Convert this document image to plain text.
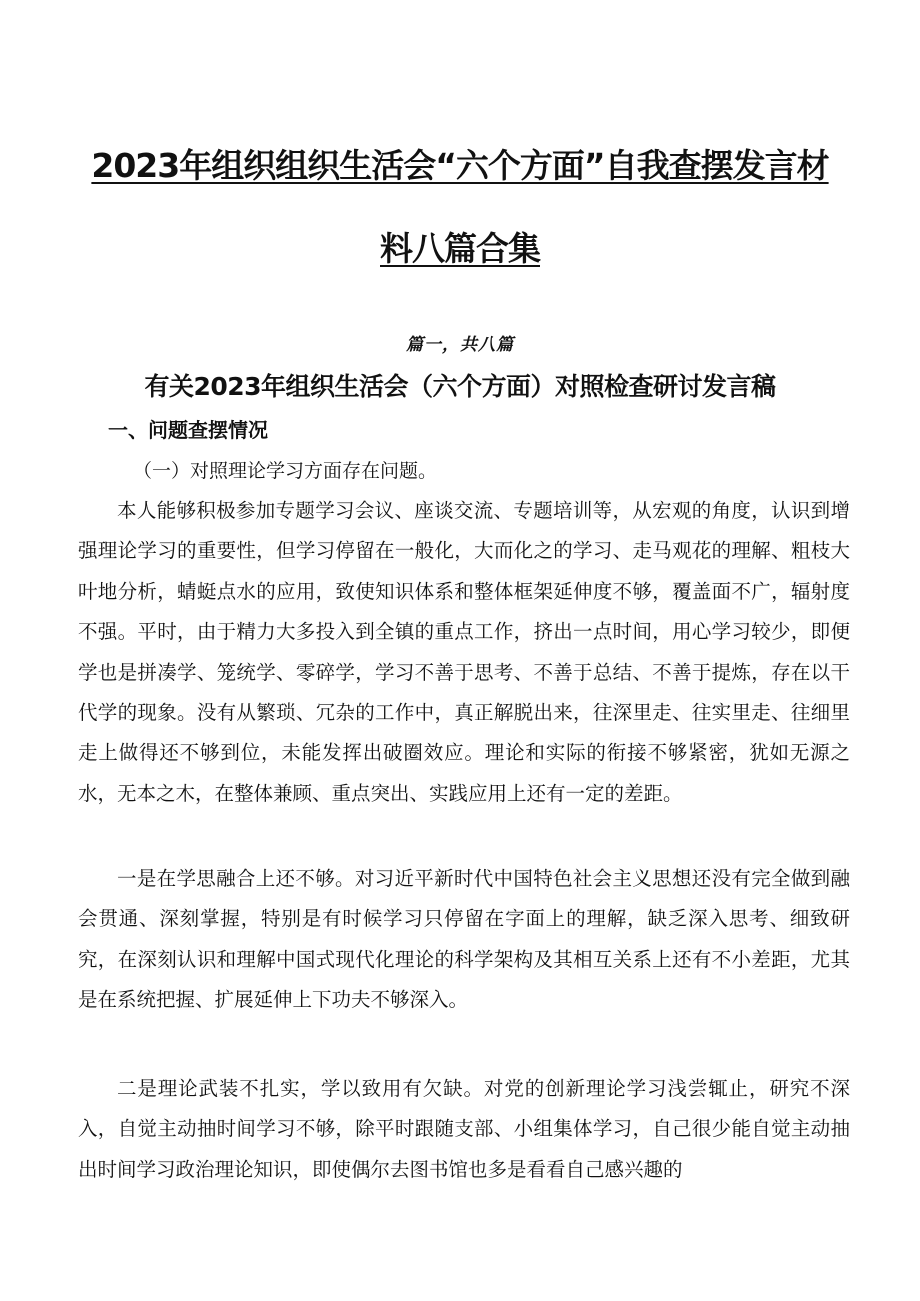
2023年组织组织生活会“六个方面”自我查摆发言材
料八篇合集
篇一，共八篇
有关2023年组织生活会（六个方面）对照检查研讨发言稿
一、问题查摆情况
（一）对照理论学习方面存在问题。

本人能够积极参加专题学习会议、座谈交流、专题培训等，从宏观的角度，认识到增强理论学习的重要性，但学习停留在一般化，大而化之的学习、走马观花的理解、粗枝大叶地分析，蜻蜓点水的应用，致使知识体系和整体框架延伸度不够，覆盖面不广，辐射度不强。平时，由于精力大多投入到全镇的重点工作，挤出一点时间，用心学习较少，即便学也是拼凑学、笼统学、零碎学，学习不善于思考、不善于总结、不善于提炼，存在以干代学的现象。没有从繁琐、冗杂的工作中，真正解脱出来，往深里走、往实里走、往细里走上做得还不够到位，未能发挥出破圈效应。理论和实际的衔接不够紧密，犹如无源之水，无本之木，在整体兼顾、重点突出、实践应用上还有一定的差距。

一是在学思融合上还不够。对习近平新时代中国特色社会主义思想还没有完全做到融会贯通、深刻掌握，特别是有时候学习只停留在字面上的理解，缺乏深入思考、细致研究，在深刻认识和理解中国式现代化理论的科学架构及其相互关系上还有不小差距，尤其是在系统把握、扩展延伸上下功夫不够深入。

二是理论武装不扎实，学以致用有欠缺。对党的创新理论学习浅尝辄止，研究不深入，自觉主动抽时间学习不够，除平时跟随支部、小组集体学习，自己很少能自觉主动抽出时间学习政治理论知识，即使偶尔去图书馆也多是看看自己感兴趣的
